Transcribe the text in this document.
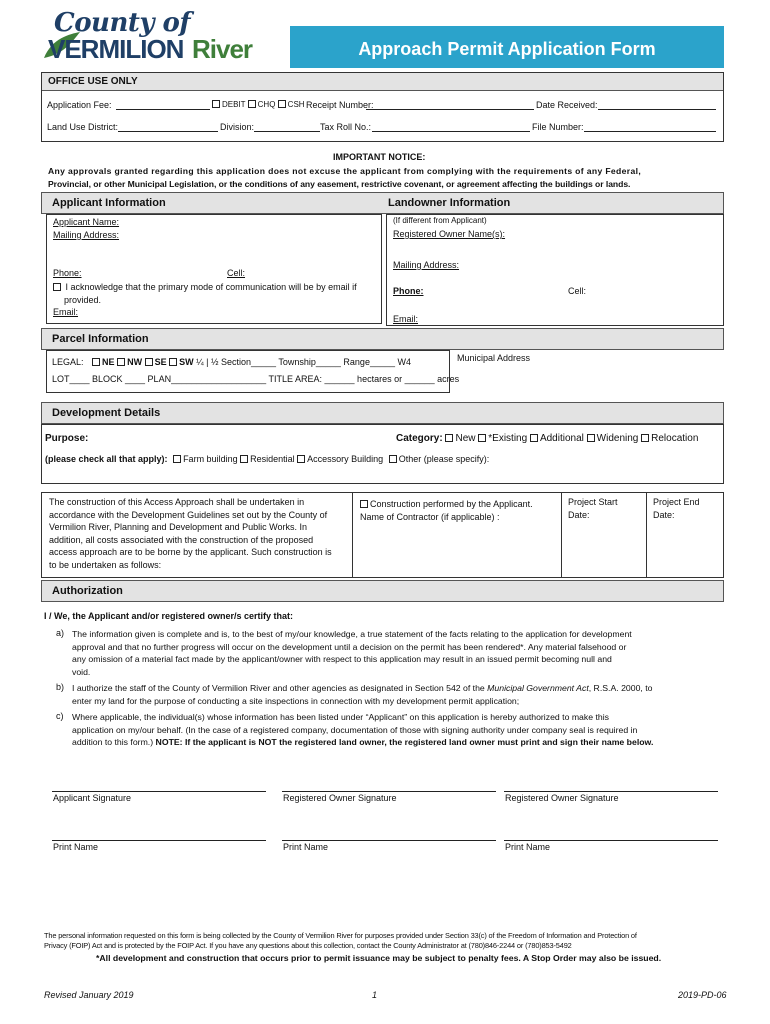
County of
VERMILION River	Approach Permit Application Form
OFFICE USE ONLY
Application Fee:	DEBIT CHQ CSH Receipt Number:	Date Received:
Land Use District:	Division:	Tax Roll No.:	File Number:
IMPORTANT NOTICE:
Any approvals granted regarding this application does not excuse the applicant from complying with the requirements of any Federal,
Provincial, or other Municipal Legislation, or the conditions of any easement, restrictive covenant, or agreement affecting the buildings or lands.
Applicant Information	Landowner Information
Applicant Name:
Mailing Address:
Phone:	Cell:
I acknowledge that the primary mode of communication will be by email if
provided.
Email:
(If different from Applicant)
Registered Owner Name(s):
Mailing Address:
Phone:	Cell:
Email:
Parcel Information
LEGAL: NE NW SE SW ¼ | ½ Section_____ Township_____ Range_____ W4
LOT____ BLOCK ____ PLAN___________________ TITLE AREA: ______ hectares or ______ acres
Municipal Address
Development Details
Purpose:	Category: New *Existing Additional Widening Relocation
(please check all that apply): Farm building Residential Accessory Building Other (please specify):
The construction of this Access Approach shall be undertaken in
accordance with the Development Guidelines set out by the County of
Vermilion River, Planning and Development and Public Works. In
addition, all costs associated with the construction of the proposed
access approach are to be borne by the applicant. Such construction is
to be undertaken as follows:
Construction performed by the Applicant.
Name of Contractor (if applicable) :
Project Start Date:
Project End Date:
Authorization
I / We, the Applicant and/or registered owner/s certify that:
a) The information given is complete and is, to the best of my/our knowledge, a true statement of the facts relating to the application for development
approval and that no further progress will occur on the development until a decision on the permit has been rendered*. Any material falsehood or
any omission of a material fact made by the applicant/owner with respect to this application may result in an issued permit becoming null and
void.
b) I authorize the staff of the County of Vermilion River and other agencies as designated in Section 542 of the Municipal Government Act, R.S.A. 2000, to
enter my land for the purpose of conducting a site inspections in connection with my development permit application;
c) Where applicable, the individual(s) whose information has been listed under “Applicant” on this application is hereby authorized to make this
application on my/our behalf. (In the case of a registered company, documentation of those with signing authority under company seal is required in
addition to this form.) NOTE: If the applicant is NOT the registered land owner, the registered land owner must print and sign their name below.
Applicant Signature	Registered Owner Signature	Registered Owner Signature
Print Name	Print Name	Print Name
The personal information requested on this form is being collected by the County of Vermilion River for purposes provided under Section 33(c) of the Freedom of Information and Protection of
Privacy (FOIP) Act and is protected by the FOIP Act. If you have any questions about this collection, contact the County Administrator at (780)846-2244 or (780)853-5492
*All development and construction that occurs prior to permit issuance may be subject to penalty fees. A Stop Order may also be issued.
Revised January 2019	1	2019-PD-06
